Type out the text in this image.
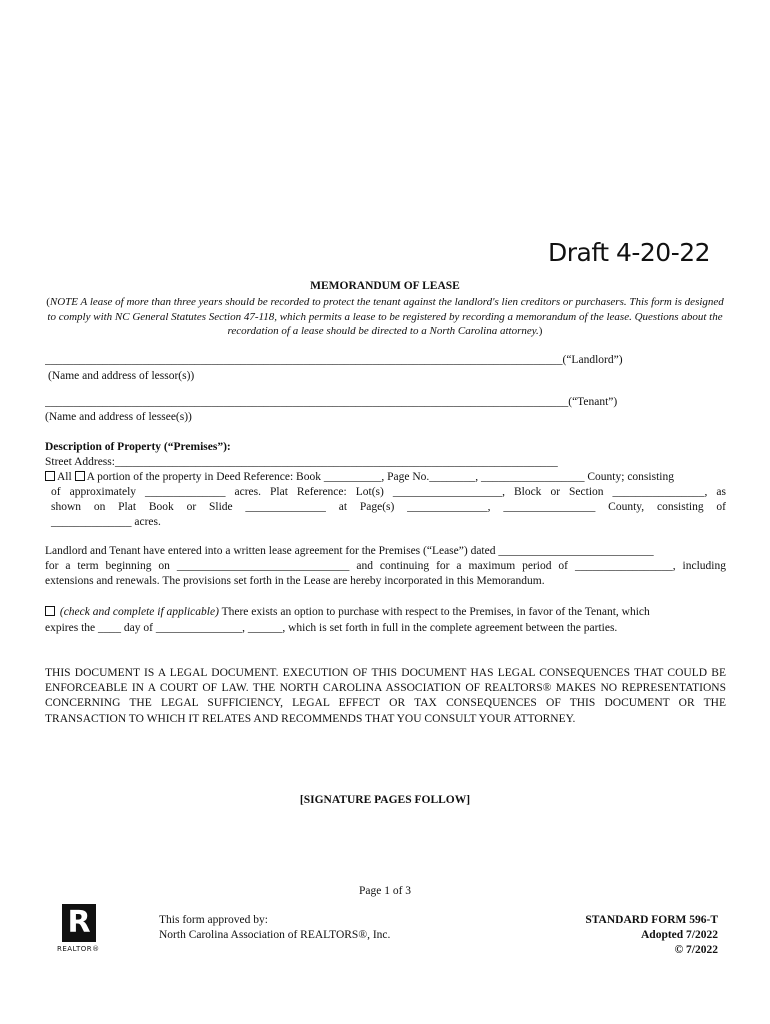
Draft 4-20-22
MEMORANDUM OF LEASE
(NOTE A lease of more than three years should be recorded to protect the tenant against the landlord's lien creditors or purchasers. This form is designed to comply with NC General Statutes Section 47-118, which permits a lease to be registered by recording a memorandum of the lease. Questions about the recordation of a lease should be directed to a North Carolina attorney.)
__________________________________________________________________________________________(“Landlord”)
(Name and address of lessor(s))
___________________________________________________________________________________________(“Tenant”)
(Name and address of lessee(s))
Description of Property (“Premises”):
Street Address:_____________________________________________________________________________
All A portion of the property in Deed Reference: Book __________, Page No.________, __________________ County; consisting
of approximately ______________ acres. Plat Reference: Lot(s) ___________________, Block or Section ________________, as
shown on Plat Book or Slide ______________ at Page(s) ______________, ________________ County, consisting of
______________ acres.
Landlord and Tenant have entered into a written lease agreement for the Premises (“Lease”) dated ___________________________
for a term beginning on ______________________________ and continuing for a maximum period of _________________, including
extensions and renewals. The provisions set forth in the Lease are hereby incorporated in this Memorandum.
(check and complete if applicable) There exists an option to purchase with respect to the Premises, in favor of the Tenant, which
expires the ____ day of _______________, ______, which is set forth in full in the complete agreement between the parties.
THIS DOCUMENT IS A LEGAL DOCUMENT. EXECUTION OF THIS DOCUMENT HAS LEGAL CONSEQUENCES THAT COULD BE ENFORCEABLE IN A COURT OF LAW. THE NORTH CAROLINA ASSOCIATION OF REALTORS® MAKES NO REPRESENTATIONS CONCERNING THE LEGAL SUFFICIENCY, LEGAL EFFECT OR TAX CONSEQUENCES OF THIS DOCUMENT OR THE TRANSACTION TO WHICH IT RELATES AND RECOMMENDS THAT YOU CONSULT YOUR ATTORNEY.
[SIGNATURE PAGES FOLLOW]
Page 1 of 3
R
REALTOR®
This form approved by:
North Carolina Association of REALTORS®, Inc.
STANDARD FORM 596-T
Adopted 7/2022
© 7/2022
